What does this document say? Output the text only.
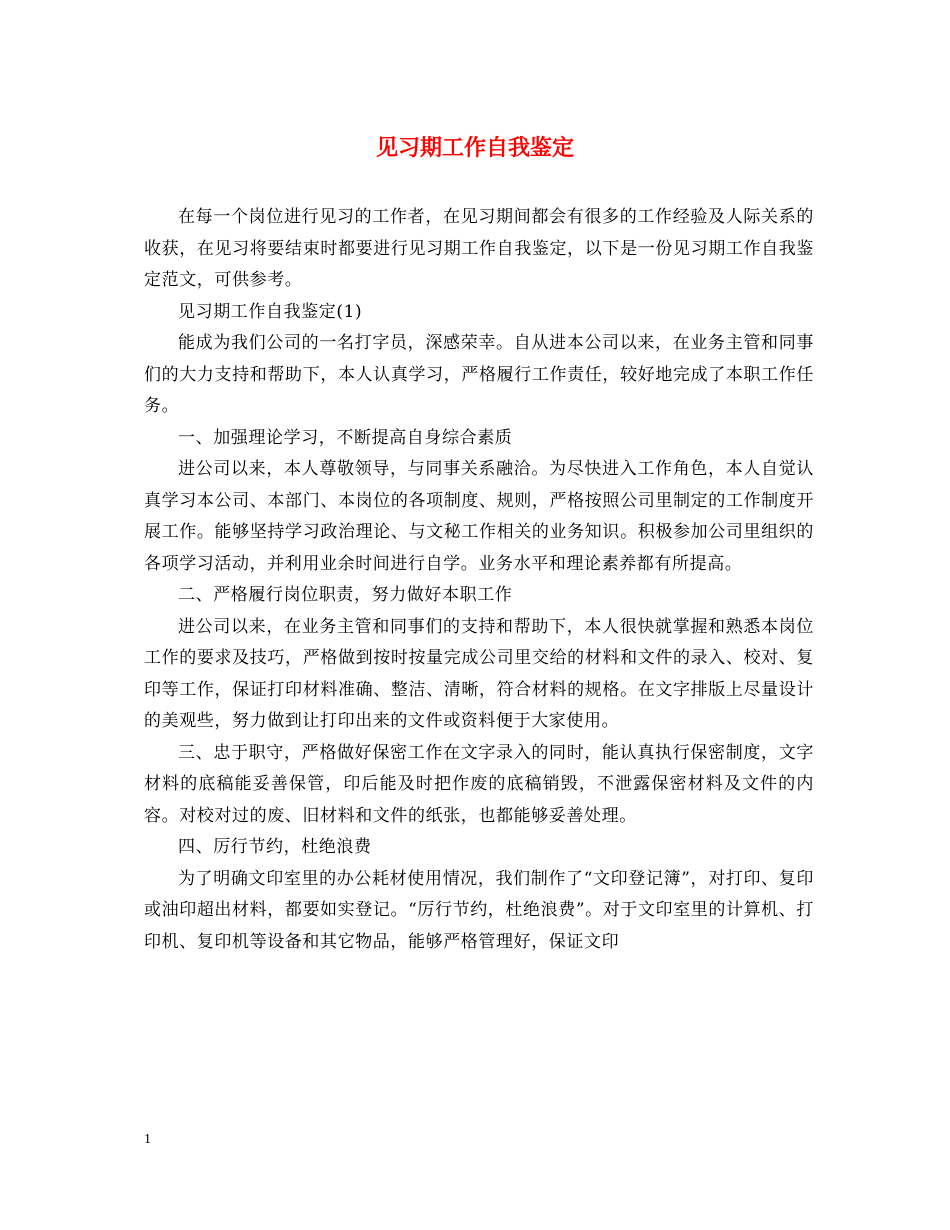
见习期工作自我鉴定

在每一个岗位进行见习的工作者，在见习期间都会有很多的工作经验及人际关系的收获，在见习将要结束时都要进行见习期工作自我鉴定，以下是一份见习期工作自我鉴定范文，可供参考。

见习期工作自我鉴定(1)

能成为我们公司的一名打字员，深感荣幸。自从进本公司以来，在业务主管和同事们的大力支持和帮助下，本人认真学习，严格履行工作责任，较好地完成了本职工作任务。

一、加强理论学习，不断提高自身综合素质

进公司以来，本人尊敬领导，与同事关系融洽。为尽快进入工作角色，本人自觉认真学习本公司、本部门、本岗位的各项制度、规则，严格按照公司里制定的工作制度开展工作。能够坚持学习政治理论、与文秘工作相关的业务知识。积极参加公司里组织的各项学习活动，并利用业余时间进行自学。业务水平和理论素养都有所提高。

二、严格履行岗位职责，努力做好本职工作

进公司以来，在业务主管和同事们的支持和帮助下，本人很快就掌握和熟悉本岗位工作的要求及技巧，严格做到按时按量完成公司里交给的材料和文件的录入、校对、复印等工作，保证打印材料准确、整洁、清晰，符合材料的规格。在文字排版上尽量设计的美观些，努力做到让打印出来的文件或资料便于大家使用。

三、忠于职守，严格做好保密工作在文字录入的同时，能认真执行保密制度，文字材料的底稿能妥善保管，印后能及时把作废的底稿销毁，不泄露保密材料及文件的内容。对校对过的废、旧材料和文件的纸张，也都能够妥善处理。

四、厉行节约，杜绝浪费

为了明确文印室里的办公耗材使用情况，我们制作了“文印登记簿”，对打印、复印或油印超出材料，都要如实登记。“厉行节约，杜绝浪费”。对于文印室里的计算机、打印机、复印机等设备和其它物品，能够严格管理好，保证文印

1
